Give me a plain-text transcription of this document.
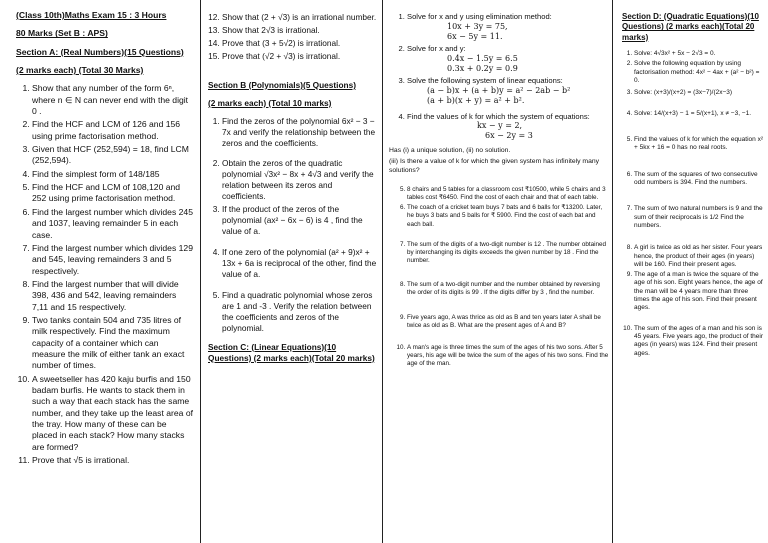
(Class 10th)Maths Exam 15 : 3 Hours
80 Marks (Set B : APS)
Section A: (Real Numbers)(15 Questions)
(2 marks each) (Total 30 Marks)
1. Show that any number of the form 6ⁿ, where n ∈ N can never end with the digit 0 .
2. Find the HCF and LCM of 126 and 156 using prime factorisation method.
3. Given that HCF (252,594) = 18, find LCM (252,594).
4. Find the simplest form of 148/185
5. Find the HCF and LCM of 108,120 and 252 using prime factorisation method.
6. Find the largest number which divides 245 and 1037, leaving remainder 5 in each case.
7. Find the largest number which divides 129 and 545, leaving remainders 3 and 5 respectively.
8. Find the largest number that will divide 398, 436 and 542, leaving remainders 7,11 and 15 respectively.
9. Two tanks contain 504 and 735 litres of milk respectively. Find the maximum capacity of a container which can measure the milk of either tank an exact number of times.
10. A sweetseller has 420 kaju burfis and 150 badam burfis. He wants to stack them in such a way that each stack has the same number, and they take up the least area of the tray. How many of these can be placed in each stack? How many stacks are formed?
11. Prove that √5 is irrational.
12. Show that (2 + √3) is an irrational number.
13. Show that 2√3 is irrational.
14. Prove that (3 + 5√2) is irrational.
15. Prove that (√2 + √3) is irrational.
Section B (Polynomials)(5 Questions)
(2 marks each) (Total 10 marks)
1. Find the zeros of the polynomial 6x² − 3 − 7x and verify the relationship between the zeros and the coefficients.
2. Obtain the zeros of the quadratic polynomial √3x² − 8x + 4√3 and verify the relation between its zeros and coefficients.
3. If the product of the zeros of the polynomial (ax² − 6x − 6) is 4 , find the value of a.
4. If one zero of the polynomial (a² + 9)x² + 13x + 6a is reciprocal of the other, find the value of a.
5. Find a quadratic polynomial whose zeros are 1 and -3 . Verify the relation between the coefficients and zeros of the polynomial.
Section C: (Linear Equations)(10 Questions) (2 marks each)(Total 20 marks)
1. Solve for x and y using elimination method:
10x + 3y = 75,
6x − 5y = 11.
2. Solve for x and y:
0.4x − 1.5y = 6.5
0.3x + 0.2y = 0.9
3. Solve the following system of linear equations:
(a − b)x + (a + b)y = a² − 2ab − b²
(a + b)(x + y) = a² + b².
4. Find the values of k for which the system of equations:
kx − y = 2,
6x − 2y = 3
Has (i) a unique solution, (ii) no solution.
(iii) Is there a value of k for which the given system has infinitely many solutions?
5. 8 chairs and 5 tables for a classroom cost ₹10500, while 5 chairs and 3 tables cost ₹6450. Find the cost of each chair and that of each table.
6. The coach of a cricket team buys 7 bats and 6 balls for ₹13200. Later, he buys 3 bats and 5 balls for ₹ 5900. Find the cost of each bat and each ball.
7. The sum of the digits of a two-digit number is 12 . The number obtained by interchanging its digits exceeds the given number by 18 . Find the number.
8. The sum of a two-digit number and the number obtained by reversing the order of its digits is 99 . If the digits differ by 3 , find the number.
9. Five years ago, A was thrice as old as B and ten years later A shall be twice as old as B. What are the present ages of A and B?
10. A man's age is three times the sum of the ages of his two sons. After 5 years, his age will be twice the sum of the ages of his two sons. Find the age of the man.
Section D: (Quadratic Equations)(10 Questions) (2 marks each)(Total 20 marks)
1. Solve: 4√3x² + 5x − 2√3 = 0.
2. Solve the following equation by using factorisation method: 4x² − 4ax + (a² − b²) = 0.
3. Solve: (x+3)/(x+2) = (3x−7)/(2x−3)
4. Solve: 14/(x+3) − 1 = 5/(x+1), x ≠ −3, −1.
5. Find the values of k for which the equation x² + 5kx + 16 = 0 has no real roots.
6. The sum of the squares of two consecutive odd numbers is 394. Find the numbers.
7. The sum of two natural numbers is 9 and the sum of their reciprocals is 1/2 Find the numbers.
8. A girl is twice as old as her sister. Four years hence, the product of their ages (in years) will be 160. Find their present ages.
9. The age of a man is twice the square of the age of his son. Eight years hence, the age of the man will be 4 years more than three times the age of his son. Find their present ages.
10. The sum of the ages of a man and his son is 45 years. Five years ago, the product of their ages (in years) was 124. Find their present ages.
